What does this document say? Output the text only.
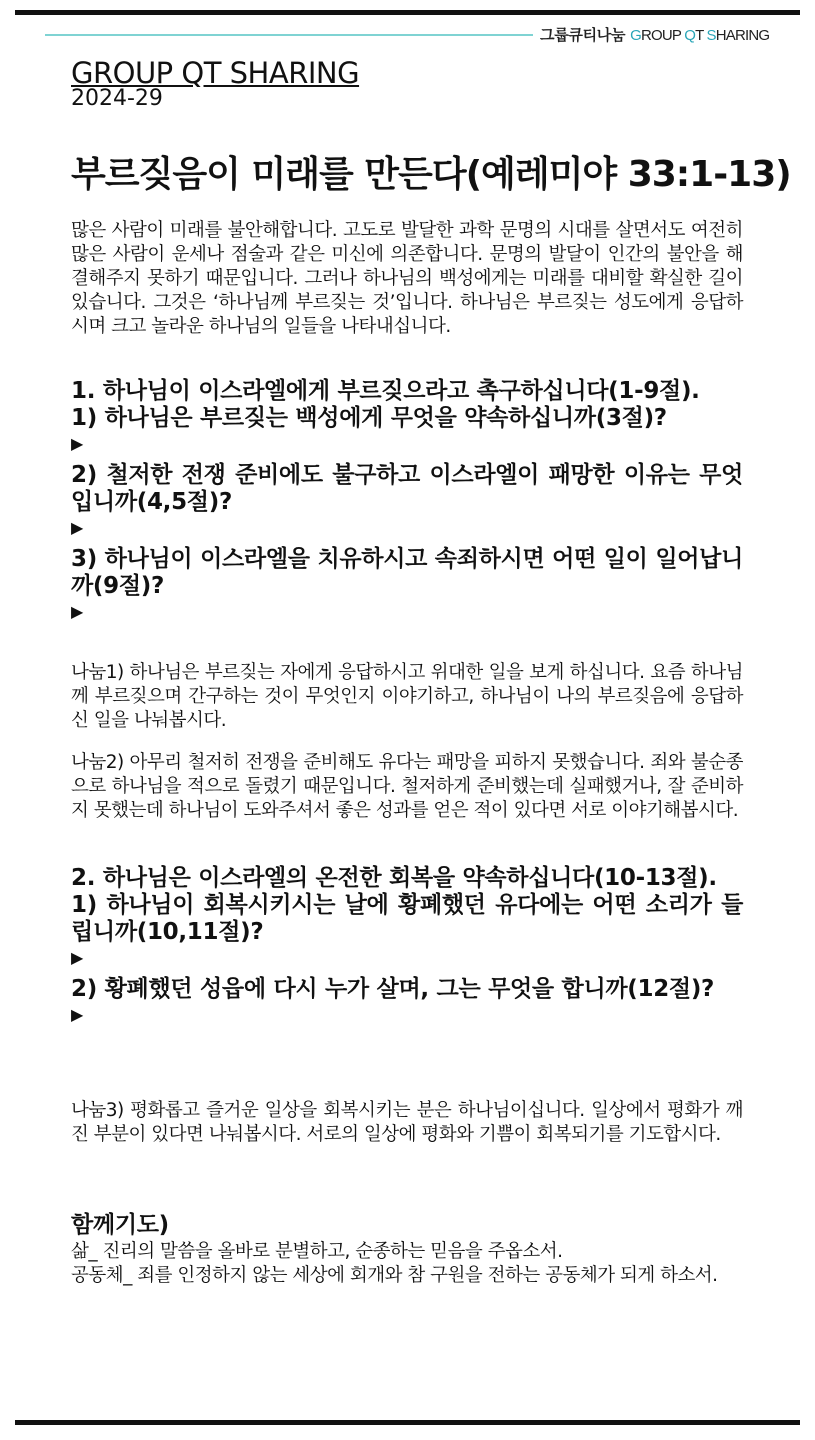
그룹큐티나눔 GROUP QT SHARING
GROUP QT SHARING
2024-29
부르짖음이 미래를 만든다(예레미야 33:1-13)

많은 사람이 미래를 불안해합니다. 고도로 발달한 과학 문명의 시대를 살면서도 여전히 많은 사람이 운세나 점술과 같은 미신에 의존합니다. 문명의 발달이 인간의 불안을 해결해주지 못하기 때문입니다. 그러나 하나님의 백성에게는 미래를 대비할 확실한 길이 있습니다. 그것은 ‘하나님께 부르짖는 것’입니다. 하나님은 부르짖는 성도에게 응답하시며 크고 놀라운 하나님의 일들을 나타내십니다.

1. 하나님이 이스라엘에게 부르짖으라고 촉구하십니다(1-9절).

1) 하나님은 부르짖는 백성에게 무엇을 약속하십니까(3절)?

▶

2) 철저한 전쟁 준비에도 불구하고 이스라엘이 패망한 이유는 무엇입니까(4,5절)?

▶

3) 하나님이 이스라엘을 치유하시고 속죄하시면 어떤 일이 일어납니까(9절)?

▶

나눔1) 하나님은 부르짖는 자에게 응답하시고 위대한 일을 보게 하십니다. 요즘 하나님께 부르짖으며 간구하는 것이 무엇인지 이야기하고, 하나님이 나의 부르짖음에 응답하신 일을 나눠봅시다.

나눔2) 아무리 철저히 전쟁을 준비해도 유다는 패망을 피하지 못했습니다. 죄와 불순종으로 하나님을 적으로 돌렸기 때문입니다. 철저하게 준비했는데 실패했거나, 잘 준비하지 못했는데 하나님이 도와주셔서 좋은 성과를 얻은 적이 있다면 서로 이야기해봅시다.

2. 하나님은 이스라엘의 온전한 회복을 약속하십니다(10-13절).

1) 하나님이 회복시키시는 날에 황폐했던 유다에는 어떤 소리가 들립니까(10,11절)?

▶

2) 황폐했던 성읍에 다시 누가 살며, 그는 무엇을 합니까(12절)?

▶

나눔3) 평화롭고 즐거운 일상을 회복시키는 분은 하나님이십니다. 일상에서 평화가 깨진 부분이 있다면 나눠봅시다. 서로의 일상에 평화와 기쁨이 회복되기를 기도합시다.

함께기도)

삶_ 진리의 말씀을 올바로 분별하고, 순종하는 믿음을 주옵소서.

공동체_ 죄를 인정하지 않는 세상에 회개와 참 구원을 전하는 공동체가 되게 하소서.
